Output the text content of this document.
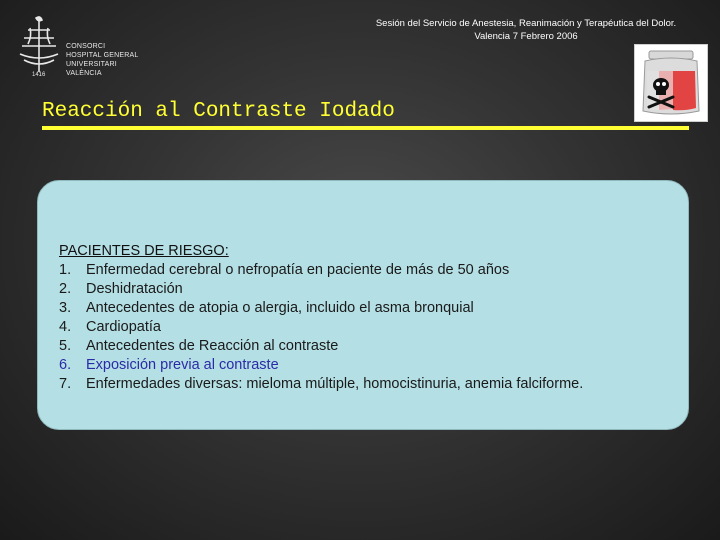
CONSORCI
HOSPITAL GENERAL
UNIVERSITARI
VALÈNCIA
1416
Sesión del Servicio de Anestesia, Reanimación y Terapéutica del Dolor.
Valencia 7 Febrero 2006
Reacción al Contraste Iodado
PACIENTES DE RIESGO:
1.	Enfermedad cerebral o nefropatía en paciente de más de 50 años
2.	Deshidratación
3.	Antecedentes de atopia o alergia, incluido el asma bronquial
4.	Cardiopatía
5.	Antecedentes de Reacción al contraste
6.	Exposición previa al contraste
7.	Enfermedades diversas: mieloma múltiple, homocistinuria, anemia falciforme.
